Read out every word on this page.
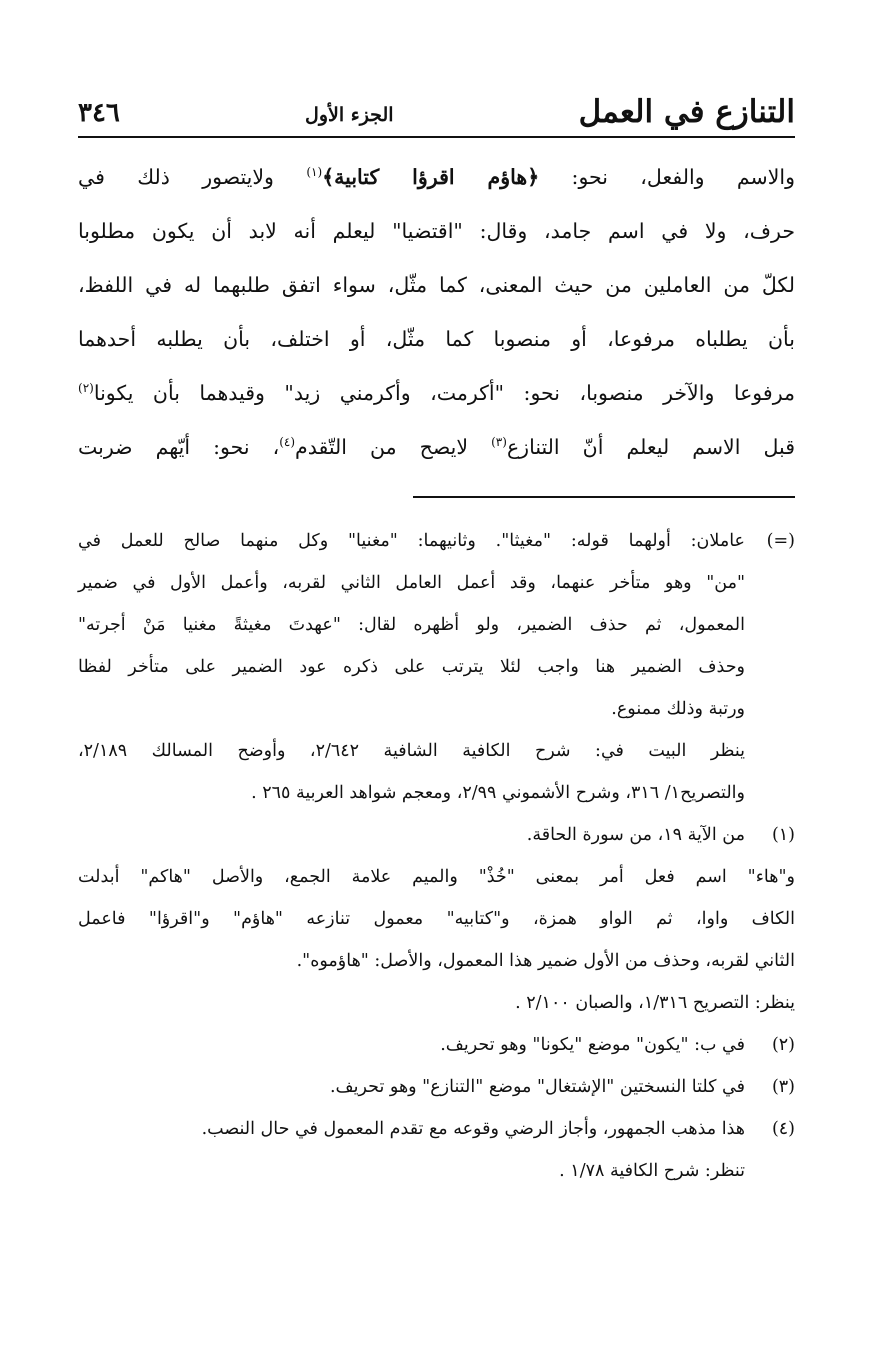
التنازع في العمل
الجزء الأول
٣٤٦
والاسم والفعل، نحو: ﴿هاؤم اقرؤا كتابية﴾$^{(١)}$ ولايتصور ذلك في
حرف، ولا في اسم جامد، وقال: "اقتضيا" ليعلم أنه لابد أن يكون مطلوبا
لكلّ من العاملين من حيث المعنى، كما مثّل، سواء اتفق طلبهما له في اللفظ،
بأن يطلباه مرفوعا، أو منصوبا كما مثّل، أو اختلف، بأن يطلبه أحدهما
مرفوعا والآخر منصوبا، نحو: "أكرمت، وأكرمني زيد" وقيدهما بأن يكونا$^{(٢)}$
قبل الاسم ليعلم أنّ التنازع$^{(٣)}$ لايصح من التّقدم$^{(٤)}$، نحو: أيّهم ضربت
(=)
عاملان: أولهما قوله: "مغيثا". وثانيهما: "مغنيا" وكل منهما صالح للعمل في
"من" وهو متأخر عنهما، وقد أعمل العامل الثاني لقربه، وأعمل الأول في ضمير
المعمول، ثم حذف الضمير، ولو أظهره لقال: "عهدتَ مغيثةً مغنيا مَنْ أجرته"
وحذف الضمير هنا واجب لئلا يترتب على ذكره عود الضمير على متأخر لفظا
ورتبة وذلك ممنوع.
ينظر البيت في: شرح الكافية الشافية ٢/٦٤٢، وأوضح المسالك ٢/١٨٩،
والتصريح١/ ٣١٦، وشرح الأشموني ٢/٩٩، ومعجم شواهد العربية ٢٦٥ .
(١)
من الآية ١٩، من سورة الحاقة.
و"هاء" اسم فعل أمر بمعنى "خُذْ" والميم علامة الجمع، والأصل "هاكم" أبدلت
الكاف واوا، ثم الواو همزة، و"كتابيه" معمول تنازعه "هاؤم" و"اقرؤا" فاعمل
الثاني لقربه، وحذف من الأول ضمير هذا المعمول، والأصل: "هاؤموه".
ينظر: التصريح ١/٣١٦، والصبان ٢/١٠٠ .
(٢)
في ب: "يكون" موضع "يكونا" وهو تحريف.
(٣)
في كلتا النسختين "الإشتغال" موضع "التنازع" وهو تحريف.
(٤)
هذا مذهب الجمهور، وأجاز الرضي وقوعه مع تقدم المعمول في حال النصب.
تنظر: شرح الكافية ١/٧٨ .
